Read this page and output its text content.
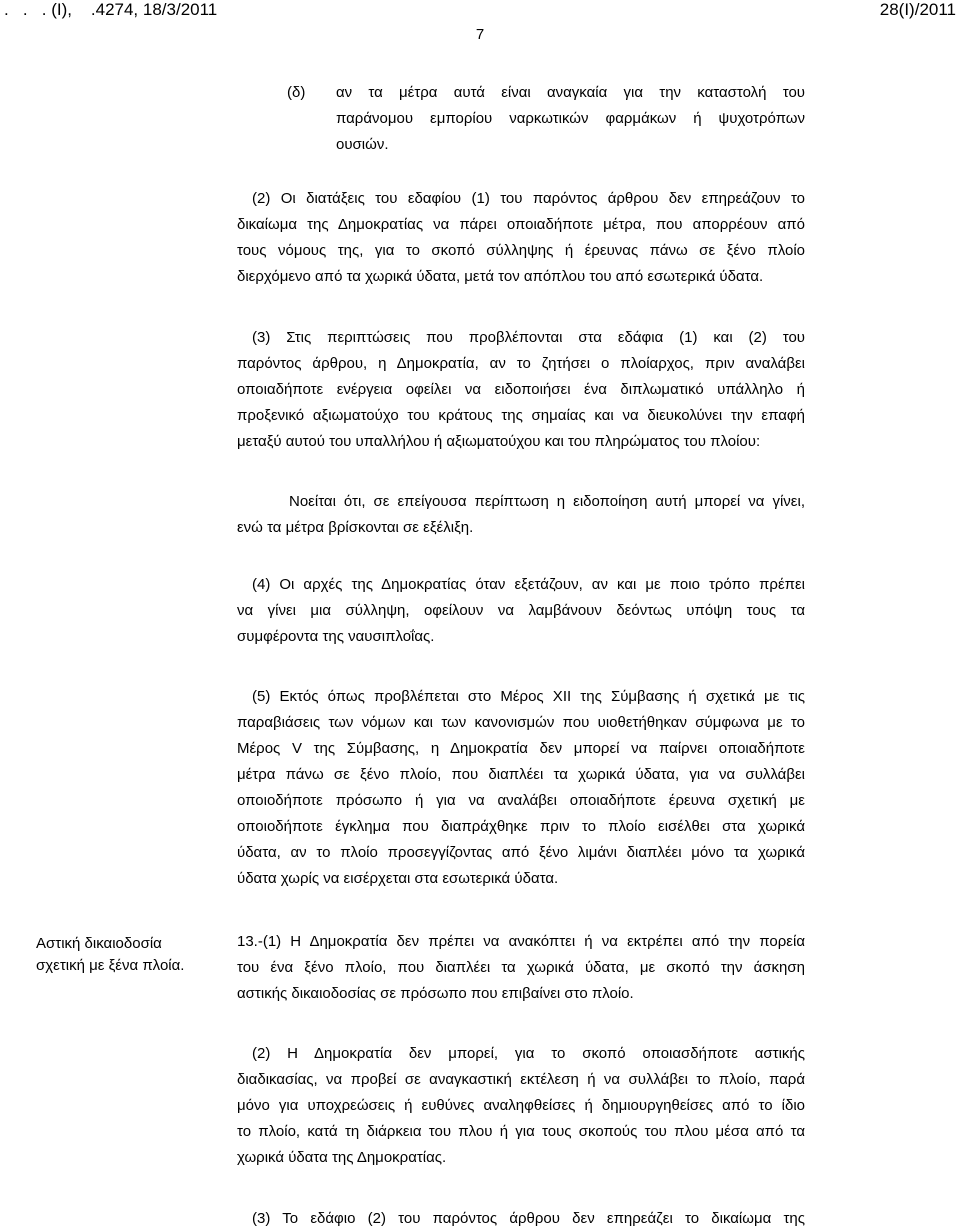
.   .   . (Ι),    .4274, 18/3/2011	28(Ι)/2011
7
(δ) αν τα μέτρα αυτά είναι αναγκαία για την καταστολή του
παράνομου εμπορίου ναρκωτικών φαρμάκων ή ψυχοτρόπων
ουσιών.
(2) Οι διατάξεις του εδαφίου (1) του παρόντος άρθρου δεν επηρεάζουν το
δικαίωμα της Δημοκρατίας να πάρει οποιαδήποτε μέτρα, που απορρέουν από
τους νόμους της, για το σκοπό σύλληψης ή έρευνας πάνω σε ξένο πλοίο
διερχόμενο από τα χωρικά ύδατα, μετά τον απόπλου του από εσωτερικά ύδατα.
(3) Στις περιπτώσεις που προβλέπονται στα εδάφια (1) και (2) του
παρόντος άρθρου, η Δημοκρατία, αν το ζητήσει ο πλοίαρχος, πριν αναλάβει
οποιαδήποτε ενέργεια οφείλει να ειδοποιήσει ένα διπλωματικό υπάλληλο ή
προξενικό αξιωματούχο του κράτους της σημαίας και να διευκολύνει την επαφή
μεταξύ αυτού του υπαλλήλου ή αξιωματούχου και του πληρώματος του πλοίου:
Νοείται ότι, σε επείγουσα περίπτωση η ειδοποίηση αυτή μπορεί να γίνει,
ενώ τα μέτρα βρίσκονται σε εξέλιξη.
(4) Οι αρχές της Δημοκρατίας όταν εξετάζουν, αν και με ποιο τρόπο πρέπει
να γίνει μια σύλληψη, οφείλουν να λαμβάνουν δεόντως υπόψη τους τα
συμφέροντα της ναυσιπλοΐας.
(5) Εκτός όπως προβλέπεται στο Μέρος XII της Σύμβασης ή σχετικά με τις
παραβιάσεις των νόμων και των κανονισμών που υιοθετήθηκαν σύμφωνα με το
Μέρος V της Σύμβασης, η Δημοκρατία δεν μπορεί να παίρνει οποιαδήποτε
μέτρα πάνω σε ξένο πλοίο, που διαπλέει τα χωρικά ύδατα, για να συλλάβει
οποιοδήποτε πρόσωπο ή για να αναλάβει οποιαδήποτε έρευνα σχετική με
οποιοδήποτε έγκλημα που διαπράχθηκε πριν το πλοίο εισέλθει στα χωρικά
ύδατα, αν το πλοίο προσεγγίζοντας από ξένο λιμάνι διαπλέει μόνο τα χωρικά
ύδατα χωρίς να εισέρχεται στα εσωτερικά ύδατα.
Αστική δικαιοδοσία
σχετική με ξένα πλοία.
13.-(1) Η Δημοκρατία δεν πρέπει να ανακόπτει ή να εκτρέπει από την πορεία
του ένα ξένο πλοίο, που διαπλέει τα χωρικά ύδατα, με σκοπό την άσκηση
αστικής δικαιοδοσίας σε πρόσωπο που επιβαίνει στο πλοίο.
(2) Η Δημοκρατία δεν μπορεί, για το σκοπό οποιασδήποτε αστικής
διαδικασίας, να προβεί σε αναγκαστική εκτέλεση ή να συλλάβει το πλοίο, παρά
μόνο για υποχρεώσεις ή ευθύνες αναληφθείσες ή δημιουργηθείσες από το ίδιο
το πλοίο, κατά τη διάρκεια του πλου ή για τους σκοπούς του πλου μέσα από τα
χωρικά ύδατα της Δημοκρατίας.
(3) Το εδάφιο (2) του παρόντος άρθρου δεν επηρεάζει το δικαίωμα της
